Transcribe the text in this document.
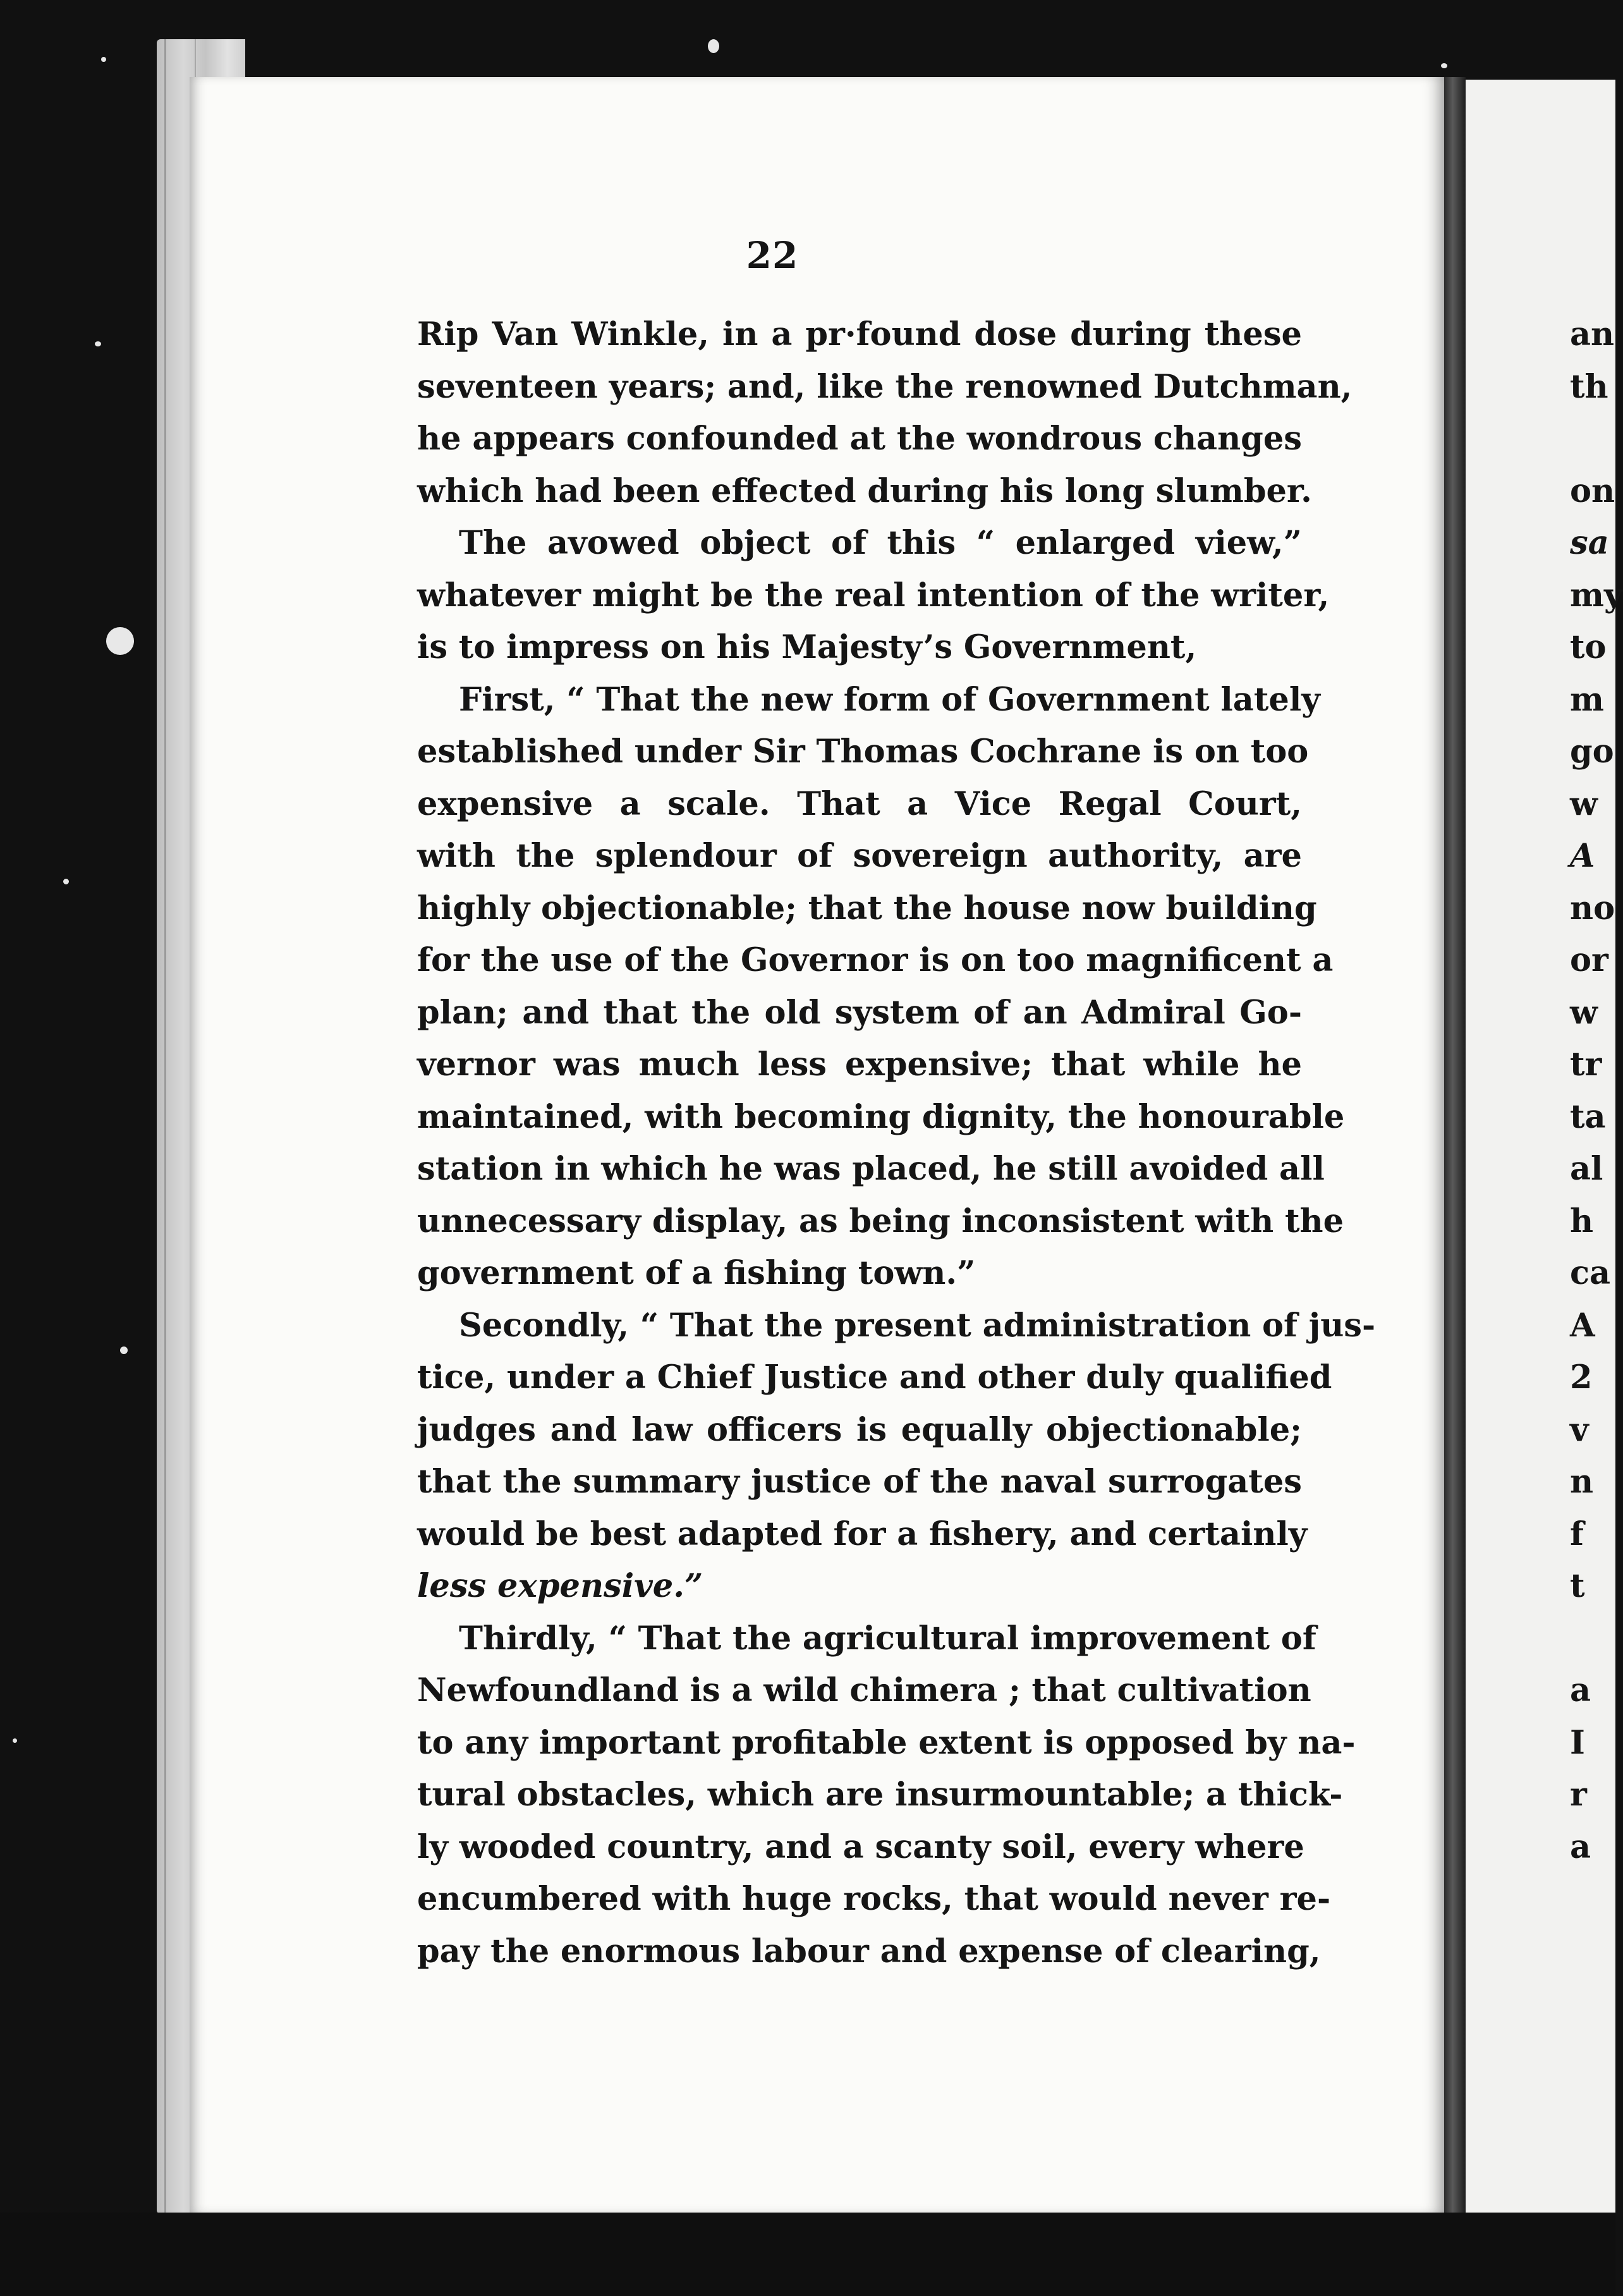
22
Rip Van Winkle, in a pr·found dose during these
seventeen years; and, like the renowned Dutchman,
he appears confounded at the wondrous changes
which had been effected during his long slumber.
The avowed object of this “ enlarged view,”
whatever might be the real intention of the writer,
is to impress on his Majesty’s Government,
First, “ That the new form of Government lately
established under Sir Thomas Cochrane is on too
expensive a scale. That a Vice Regal Court,
with the splendour of sovereign authority, are
highly objectionable; that the house now building
for the use of the Governor is on too magnificent a
plan; and that the old system of an Admiral Go-
vernor was much less expensive; that while he
maintained, with becoming dignity, the honourable
station in which he was placed, he still avoided all
unnecessary display, as being inconsistent with the
government of a fishing town.”
Secondly, “ That the present administration of jus-
tice, under a Chief Justice and other duly qualified
judges and law officers is equally objectionable;
that the summary justice of the naval surrogates
would be best adapted for a fishery, and certainly
less expensive.”
Thirdly, “ That the agricultural improvement of
Newfoundland is a wild chimera ; that cultivation
to any important profitable extent is opposed by na-
tural obstacles, which are insurmountable; a thick-
ly wooded country, and a scanty soil, every where
encumbered with huge rocks, that would never re-
pay the enormous labour and expense of clearing,
an
th
on
sa
my
to
m
go
w
A
no
or
w
tr
ta
al
h
ca
A
2
v
n
f
t
a
I
r
a
